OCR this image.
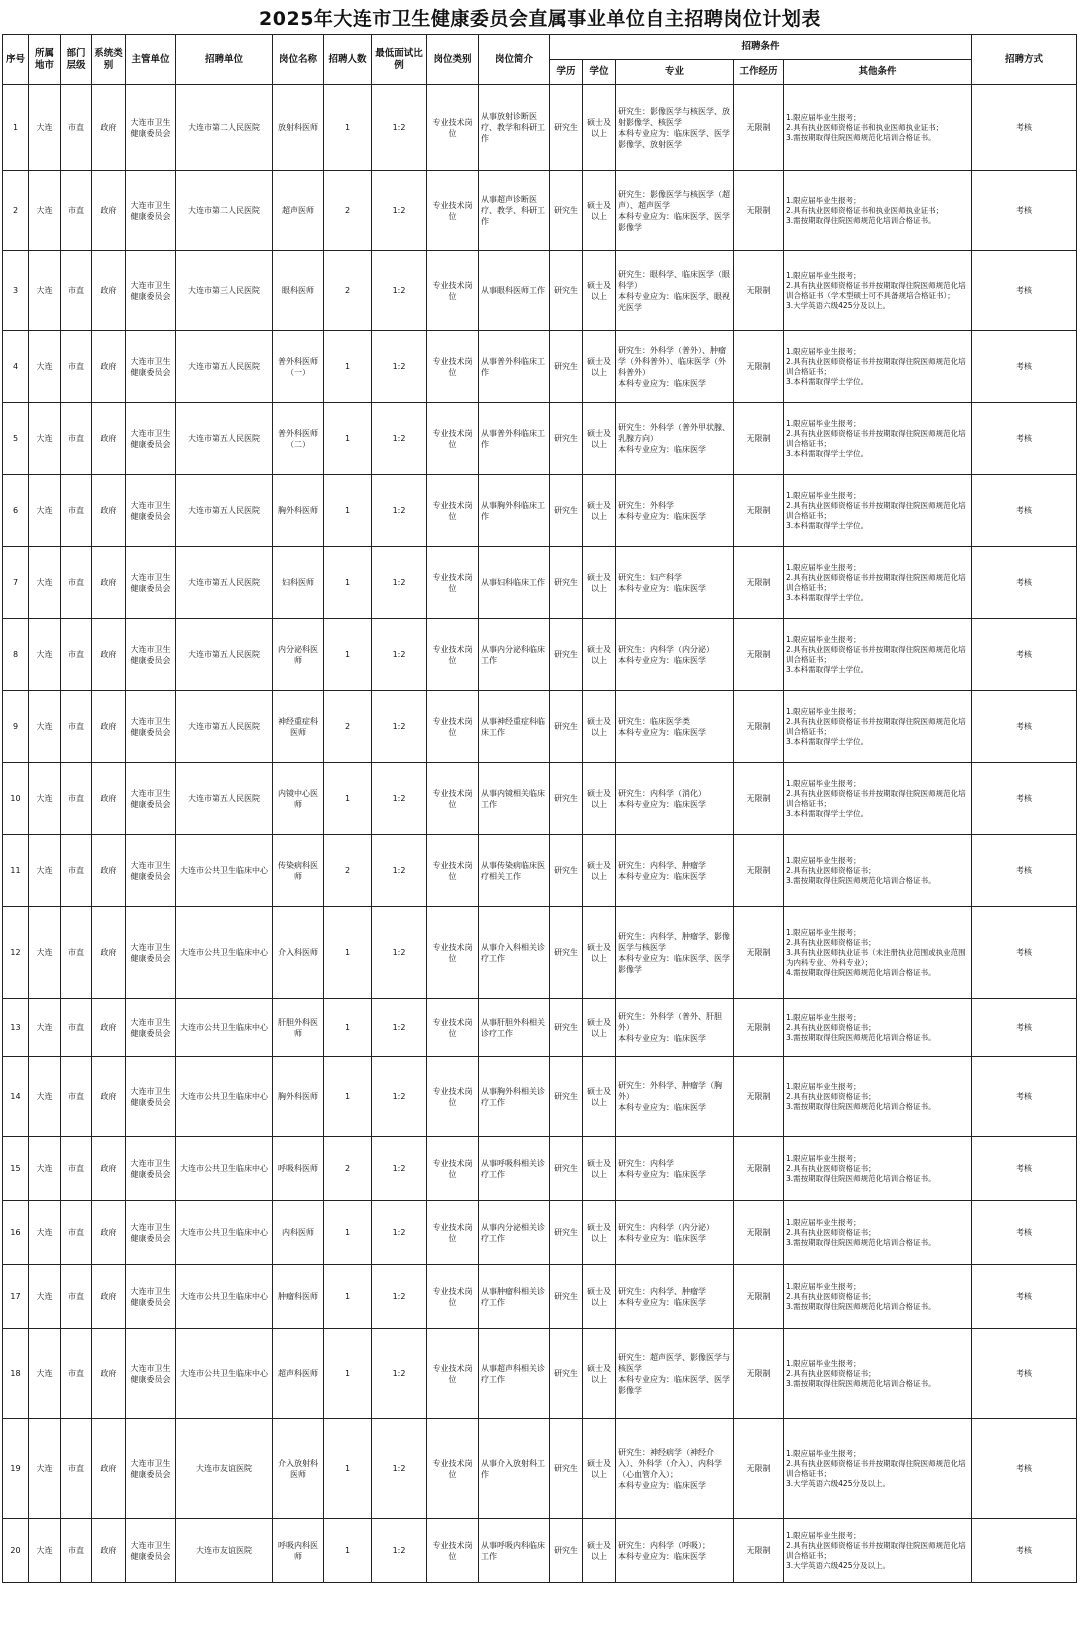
2025年大连市卫生健康委员会直属事业单位自主招聘岗位计划表
序号	所属地市	部门层级	系统类别	主管单位	招聘单位	岗位名称	招聘人数	最低面试比例	岗位类别	岗位简介	招聘条件					招聘方式
											学历	学位	专业	工作经历	其他条件	
1	大连	市直	政府	大连市卫生健康委员会	大连市第二人民医院	放射科医师	1	1:2	专业技术岗位	从事放射诊断医疗、教学和科研工作	研究生	硕士及以上	研究生：影像医学与核医学、放射影像学、核医学
本科专业应为：临床医学、医学影像学、放射医学	无限制	1.限应届毕业生报考；
2.具有执业医师资格证书和执业医师执业证书；
3.需按期取得住院医师规范化培训合格证书。	考核
2	大连	市直	政府	大连市卫生健康委员会	大连市第二人民医院	超声医师	2	1:2	专业技术岗位	从事超声诊断医疗、教学、科研工作	研究生	硕士及以上	研究生：影像医学与核医学（超声）、超声医学
本科专业应为：临床医学、医学影像学	无限制	1.限应届毕业生报考；
2.具有执业医师资格证书和执业医师执业证书；
3.需按期取得住院医师规范化培训合格证书。	考核
3	大连	市直	政府	大连市卫生健康委员会	大连市第三人民医院	眼科医师	2	1:2	专业技术岗位	从事眼科医师工作	研究生	硕士及以上	研究生：眼科学、临床医学（眼科学）
本科专业应为：临床医学、眼视光医学	无限制	1.限应届毕业生报考；
2.具有执业医师资格证书并按期取得住院医师规范化培训合格证书（学术型硕士可不具备规培合格证书）；
3.大学英语六级425分及以上。	考核
4	大连	市直	政府	大连市卫生健康委员会	大连市第五人民医院	普外科医师（一）	1	1:2	专业技术岗位	从事普外科临床工作	研究生	硕士及以上	研究生：外科学（普外）、肿瘤学（外科普外）、临床医学（外科普外）
本科专业应为：临床医学	无限制	1.限应届毕业生报考；
2.具有执业医师资格证书并按期取得住院医师规范化培训合格证书；
3.本科需取得学士学位。	考核
5	大连	市直	政府	大连市卫生健康委员会	大连市第五人民医院	普外科医师（二）	1	1:2	专业技术岗位	从事普外科临床工作	研究生	硕士及以上	研究生：外科学（普外甲状腺、乳腺方向）
本科专业应为：临床医学	无限制	1.限应届毕业生报考；
2.具有执业医师资格证书并按期取得住院医师规范化培训合格证书；
3.本科需取得学士学位。	考核
6	大连	市直	政府	大连市卫生健康委员会	大连市第五人民医院	胸外科医师	1	1:2	专业技术岗位	从事胸外科临床工作	研究生	硕士及以上	研究生：外科学
本科专业应为：临床医学	无限制	1.限应届毕业生报考；
2.具有执业医师资格证书并按期取得住院医师规范化培训合格证书；
3.本科需取得学士学位。	考核
7	大连	市直	政府	大连市卫生健康委员会	大连市第五人民医院	妇科医师	1	1:2	专业技术岗位	从事妇科临床工作	研究生	硕士及以上	研究生：妇产科学
本科专业应为：临床医学	无限制	1.限应届毕业生报考；
2.具有执业医师资格证书并按期取得住院医师规范化培训合格证书；
3.本科需取得学士学位。	考核
8	大连	市直	政府	大连市卫生健康委员会	大连市第五人民医院	内分泌科医师	1	1:2	专业技术岗位	从事内分泌科临床工作	研究生	硕士及以上	研究生：内科学（内分泌）
本科专业应为：临床医学	无限制	1.限应届毕业生报考；
2.具有执业医师资格证书并按期取得住院医师规范化培训合格证书；
3.本科需取得学士学位。	考核
9	大连	市直	政府	大连市卫生健康委员会	大连市第五人民医院	神经重症科医师	2	1:2	专业技术岗位	从事神经重症科临床工作	研究生	硕士及以上	研究生：临床医学类
本科专业应为：临床医学	无限制	1.限应届毕业生报考；
2.具有执业医师资格证书并按期取得住院医师规范化培训合格证书；
3.本科需取得学士学位。	考核
10	大连	市直	政府	大连市卫生健康委员会	大连市第五人民医院	内镜中心医师	1	1:2	专业技术岗位	从事内镜相关临床工作	研究生	硕士及以上	研究生：内科学（消化）
本科专业应为：临床医学	无限制	1.限应届毕业生报考；
2.具有执业医师资格证书并按期取得住院医师规范化培训合格证书；
3.本科需取得学士学位。	考核
11	大连	市直	政府	大连市卫生健康委员会	大连市公共卫生临床中心	传染病科医师	2	1:2	专业技术岗位	从事传染病临床医疗相关工作	研究生	硕士及以上	研究生：内科学、肿瘤学
本科专业应为：临床医学	无限制	1.限应届毕业生报考；
2.具有执业医师资格证书；
3.需按期取得住院医师规范化培训合格证书。	考核
12	大连	市直	政府	大连市卫生健康委员会	大连市公共卫生临床中心	介入科医师	1	1:2	专业技术岗位	从事介入科相关诊疗工作	研究生	硕士及以上	研究生：内科学、肿瘤学、影像医学与核医学
本科专业应为：临床医学、医学影像学	无限制	1.限应届毕业生报考；
2.具有执业医师资格证书；
3.具有执业医师执业证书（未注册执业范围或执业范围为内科专业、外科专业）；
4.需按期取得住院医师规范化培训合格证书。	考核
13	大连	市直	政府	大连市卫生健康委员会	大连市公共卫生临床中心	肝胆外科医师	1	1:2	专业技术岗位	从事肝胆外科相关诊疗工作	研究生	硕士及以上	研究生：外科学（普外、肝胆外）
本科专业应为：临床医学	无限制	1.限应届毕业生报考；
2.具有执业医师资格证书；
3.需按期取得住院医师规范化培训合格证书。	考核
14	大连	市直	政府	大连市卫生健康委员会	大连市公共卫生临床中心	胸外科医师	1	1:2	专业技术岗位	从事胸外科相关诊疗工作	研究生	硕士及以上	研究生：外科学、肿瘤学（胸外）
本科专业应为：临床医学	无限制	1.限应届毕业生报考；
2.具有执业医师资格证书；
3.需按期取得住院医师规范化培训合格证书。	考核
15	大连	市直	政府	大连市卫生健康委员会	大连市公共卫生临床中心	呼吸科医师	2	1:2	专业技术岗位	从事呼吸科相关诊疗工作	研究生	硕士及以上	研究生：内科学
本科专业应为：临床医学	无限制	1.限应届毕业生报考；
2.具有执业医师资格证书；
3.需按期取得住院医师规范化培训合格证书。	考核
16	大连	市直	政府	大连市卫生健康委员会	大连市公共卫生临床中心	内科医师	1	1:2	专业技术岗位	从事内分泌相关诊疗工作	研究生	硕士及以上	研究生：内科学（内分泌）
本科专业应为：临床医学	无限制	1.限应届毕业生报考；
2.具有执业医师资格证书；
3.需按期取得住院医师规范化培训合格证书。	考核
17	大连	市直	政府	大连市卫生健康委员会	大连市公共卫生临床中心	肿瘤科医师	1	1:2	专业技术岗位	从事肿瘤科相关诊疗工作	研究生	硕士及以上	研究生：内科学、肿瘤学
本科专业应为：临床医学	无限制	1.限应届毕业生报考；
2.具有执业医师资格证书；
3.需按期取得住院医师规范化培训合格证书。	考核
18	大连	市直	政府	大连市卫生健康委员会	大连市公共卫生临床中心	超声科医师	1	1:2	专业技术岗位	从事超声科相关诊疗工作	研究生	硕士及以上	研究生：超声医学、影像医学与核医学
本科专业应为：临床医学、医学影像学	无限制	1.限应届毕业生报考；
2.具有执业医师资格证书；
3.需按期取得住院医师规范化培训合格证书。	考核
19	大连	市直	政府	大连市卫生健康委员会	大连市友谊医院	介入放射科医师	1	1:2	专业技术岗位	从事介入放射科工作	研究生	硕士及以上	研究生：神经病学（神经介入）、外科学（介入）、内科学（心血管介入）；
本科专业应为：临床医学	无限制	1.限应届毕业生报考；
2.具有执业医师资格证书并按期取得住院医师规范化培训合格证书；
3.大学英语六级425分及以上。	考核
20	大连	市直	政府	大连市卫生健康委员会	大连市友谊医院	呼吸内科医师	1	1:2	专业技术岗位	从事呼吸内科临床工作	研究生	硕士及以上	研究生：内科学（呼吸）；
本科专业应为：临床医学	无限制	1.限应届毕业生报考；
2.具有执业医师资格证书并按期取得住院医师规范化培训合格证书；
3.大学英语六级425分及以上。	考核
